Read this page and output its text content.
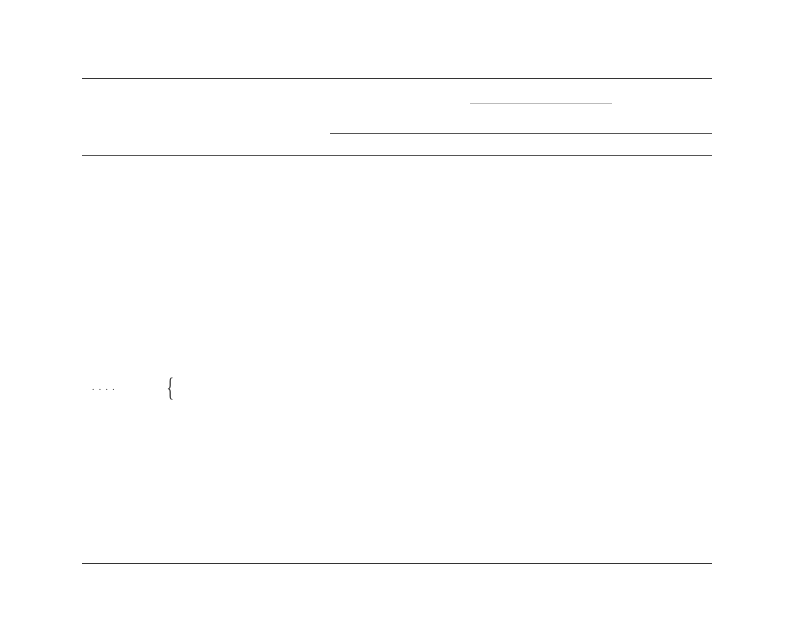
. . . . {
